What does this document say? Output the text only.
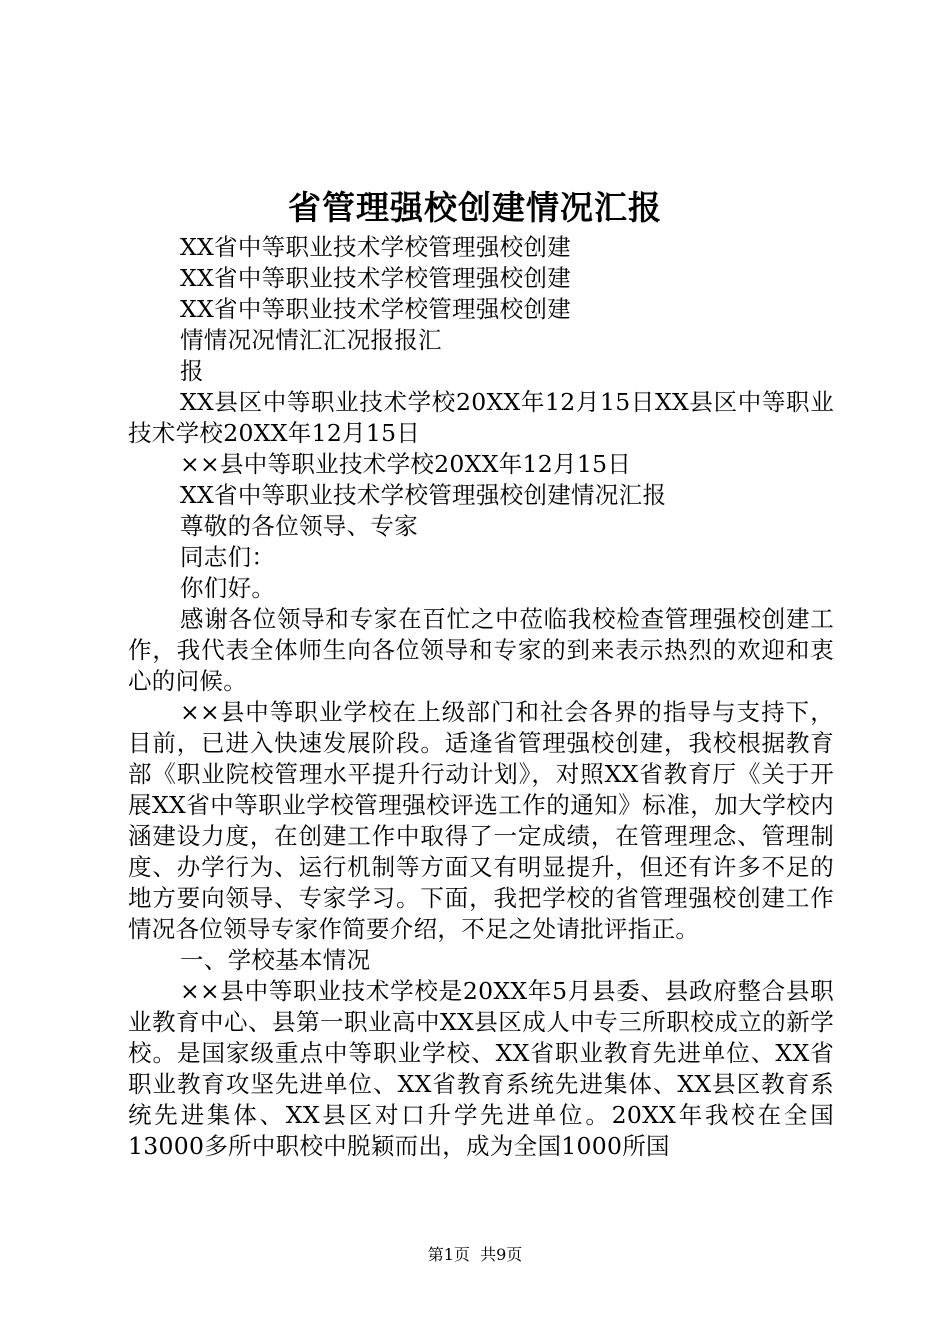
省管理强校创建情况汇报

XX省中等职业技术学校管理强校创建

XX省中等职业技术学校管理强校创建

XX省中等职业技术学校管理强校创建

情情况况情汇汇况报报汇

报

XX县区中等职业技术学校20XX年12月15日XX县区中等职业技术学校20XX年12月15日

××县中等职业技术学校20XX年12月15日

XX省中等职业技术学校管理强校创建情况汇报

尊敬的各位领导、专家

同志们：

你们好。

感谢各位领导和专家在百忙之中莅临我校检查管理强校创建工作，我代表全体师生向各位领导和专家的到来表示热烈的欢迎和衷心的问候。

××县中等职业学校在上级部门和社会各界的指导与支持下，目前，已进入快速发展阶段。适逢省管理强校创建，我校根据教育部《职业院校管理水平提升行动计划》，对照XX省教育厅《关于开展XX省中等职业学校管理强校评选工作的通知》标准，加大学校内涵建设力度，在创建工作中取得了一定成绩，在管理理念、管理制度、办学行为、运行机制等方面又有明显提升，但还有许多不足的地方要向领导、专家学习。下面，我把学校的省管理强校创建工作情况各位领导专家作简要介绍，不足之处请批评指正。

一、学校基本情况

××县中等职业技术学校是20XX年5月县委、县政府整合县职业教育中心、县第一职业高中XX县区成人中专三所职校成立的新学校。是国家级重点中等职业学校、XX省职业教育先进单位、XX省职业教育攻坚先进单位、XX省教育系统先进集体、XX县区教育系统先进集体、XX县区对口升学先进单位。20XX年我校在全国13000多所中职校中脱颖而出，成为全国1000所国

第1页  共9页
